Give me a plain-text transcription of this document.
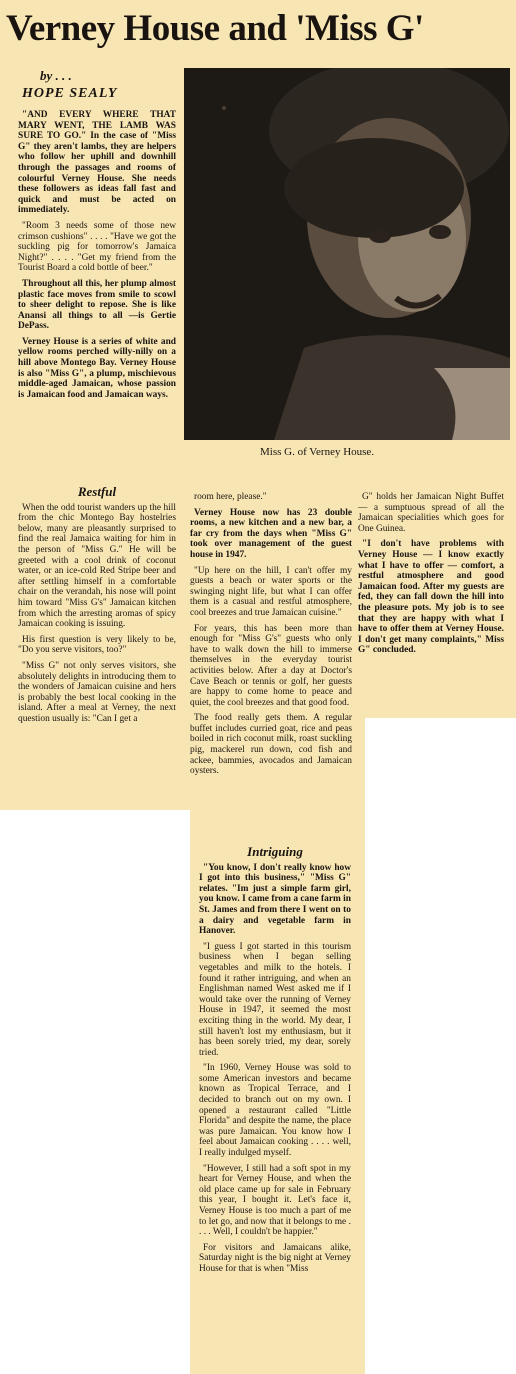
Verney House and 'Miss G'

by . . .

HOPE SEALY

Miss G. of Verney House.

"AND EVERY WHERE THAT MARY WENT, THE LAMB WAS SURE TO GO." In the case of "Miss G" they aren't lambs, they are helpers who follow her uphill and downhill through the passages and rooms of colourful Verney House. She needs these followers as ideas fall fast and quick and must be acted on immediately.

"Room 3 needs some of those new crimson cushions" . . . . "Have we got the suckling pig for tomorrow's Jamaica Night?" . . . . "Get my friend from the Tourist Board a cold bottle of beer."

Throughout all this, her plump almost plastic face moves from smile to scowl to sheer delight to repose. She is like Anansi all things to all —is Gertie DePass.

Verney House is a series of white and yellow rooms perched willy-nilly on a hill above Montego Bay. Verney House is also "Miss G", a plump, mischievous middle-aged Jamaican, whose passion is Jamaican food and Jamaican ways.

Restful

When the odd tourist wanders up the hill from the chic Montego Bay hostelries below, many are pleasantly surprised to find the real Jamaica waiting for him in the person of "Miss G." He will be greeted with a cool drink of coconut water, or an ice-cold Red Stripe beer and after settling himself in a comfortable chair on the verandah, his nose will point him toward "Miss G's" Jamaican kitchen from which the arresting aromas of spicy Jamaican cooking is issuing.

His first question is very likely to be, "Do you serve visitors, too?"

"Miss G" not only serves visitors, she absolutely delights in introducing them to the wonders of Jamaican cuisine and hers is probably the best local cooking in the island. After a meal at Verney, the next question usually is: "Can I get a

room here, please."

Verney House now has 23 double rooms, a new kitchen and a new bar, a far cry from the days when "Miss G" took over management of the guest house in 1947.

"Up here on the hill, I can't offer my guests a beach or water sports or the swinging night life, but what I can offer them is a casual and restful atmosphere, cool breezes and true Jamaican cuisine."

For years, this has been more than enough for "Miss G's" guests who only have to walk down the hill to immerse themselves in the everyday tourist activities below. After a day at Doctor's Cave Beach or tennis or golf, her guests are happy to come home to peace and quiet, the cool breezes and that good food.

The food really gets them. A regular buffet includes curried goat, rice and peas boiled in rich coconut milk, roast suckling pig, mackerel run down, cod fish and ackee, bammies, avocados and Jamaican oysters.

G" holds her Jamaican Night Buffet — a sumptuous spread of all the Jamaican specialities which goes for One Guinea.

"I don't have problems with Verney House — I know exactly what I have to offer — comfort, a restful atmosphere and good Jamaican food. After my guests are fed, they can fall down the hill into the pleasure pots. My job is to see that they are happy with what I have to offer them at Verney House. I don't get many complaints," Miss G" concluded.

Intriguing

"You know, I don't really know how I got into this business," "Miss G" relates. "Im just a simple farm girl, you know. I came from a cane farm in St. James and from there I went on to a dairy and vegetable farm in Hanover.

"I guess I got started in this tourism business when I began selling vegetables and milk to the hotels. I found it rather intriguing, and when an Englishman named West asked me if I would take over the running of Verney House in 1947, it seemed the most exciting thing in the world. My dear, I still haven't lost my enthusiasm, but it has been sorely tried, my dear, sorely tried.

"In 1960, Verney House was sold to some American investors and became known as Tropical Terrace, and I decided to branch out on my own. I opened a restaurant called "Little Florida" and despite the name, the place was pure Jamaican. You know how I feel about Jamaican cooking . . . . well, I really indulged myself.

"However, I still had a soft spot in my heart for Verney House, and when the old place came up for sale in February this year, I bought it. Let's face it, Verney House is too much a part of me to let go, and now that it belongs to me . . . . Well, I couldn't be happier."

For visitors and Jamaicans alike, Saturday night is the big night at Verney House for that is when "Miss
